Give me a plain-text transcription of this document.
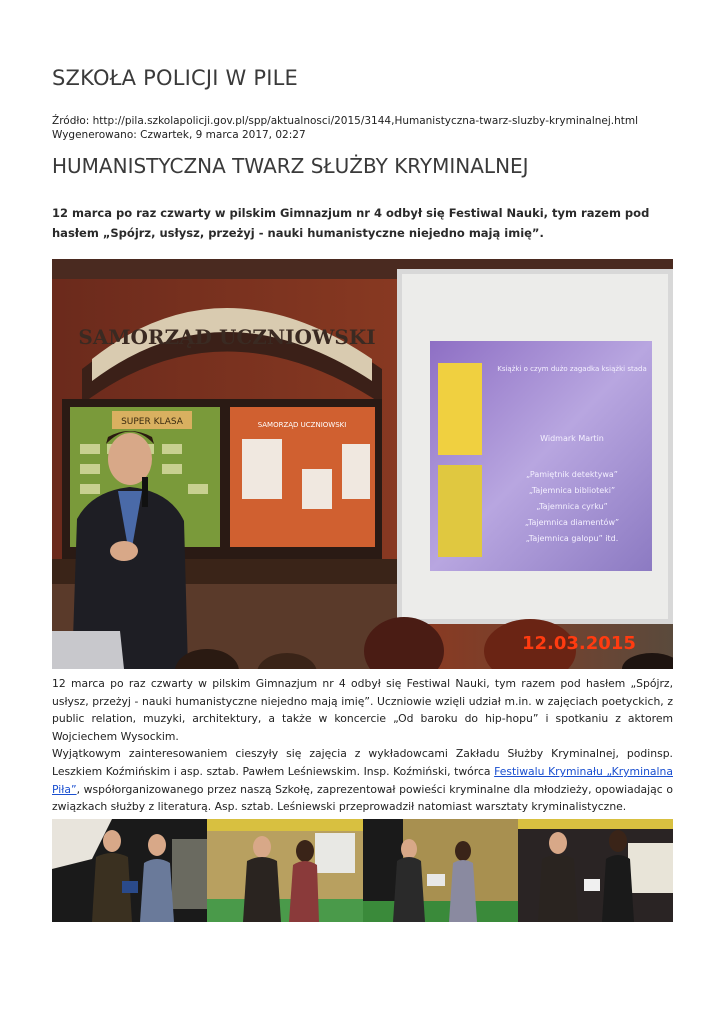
SZKOŁA POLICJI W PILE
Źródło: http://pila.szkolapolicji.gov.pl/spp/aktualnosci/2015/3144,Humanistyczna-twarz-sluzby-kryminalnej.html
Wygenerowano: Czwartek, 9 marca 2017, 02:27
HUMANISTYCZNA TWARZ SŁUŻBY KRYMINALNEJ
12 marca po raz czwarty w pilskim Gimnazjum nr 4 odbył się Festiwal Nauki, tym razem pod hasłem „Spójrz, usłysz, przeżyj - nauki humanistyczne niejedno mają imię”.
SAMORZĄD UCZNIOWSKI
SUPER KLASA	SAMORZĄD UCZNIOWSKI
Książki o czym dużo zagadka książki stada
Widmark Martin
„Pamiętnik detektywa”
„Tajemnica biblioteki”
„Tajemnica cyrku”
„Tajemnica diamentów”
„Tajemnica galopu” itd.
12.03.2015

12 marca po raz czwarty w pilskim Gimnazjum nr 4 odbył się Festiwal Nauki, tym razem pod hasłem „Spójrz, usłysz, przeżyj - nauki humanistyczne niejedno mają imię”. Uczniowie wzięli udział m.in. w zajęciach poetyckich, z public relation, muzyki, architektury, a także w koncercie „Od baroku do hip-hopu” i spotkaniu z aktorem Wojciechem Wysockim.

Wyjątkowym zainteresowaniem cieszyły się zajęcia z wykładowcami Zakładu Służby Kryminalnej, podinsp. Leszkiem Koźmińskim i asp. sztab. Pawłem Leśniewskim. Insp. Koźmiński, twórca Festiwalu Kryminału „Kryminalna Piła”, współorganizowanego przez naszą Szkołę, zaprezentował powieści kryminalne dla młodzieży, opowiadając o związkach służby z literaturą. Asp. sztab. Leśniewski przeprowadził natomiast warsztaty kryminalistyczne.
